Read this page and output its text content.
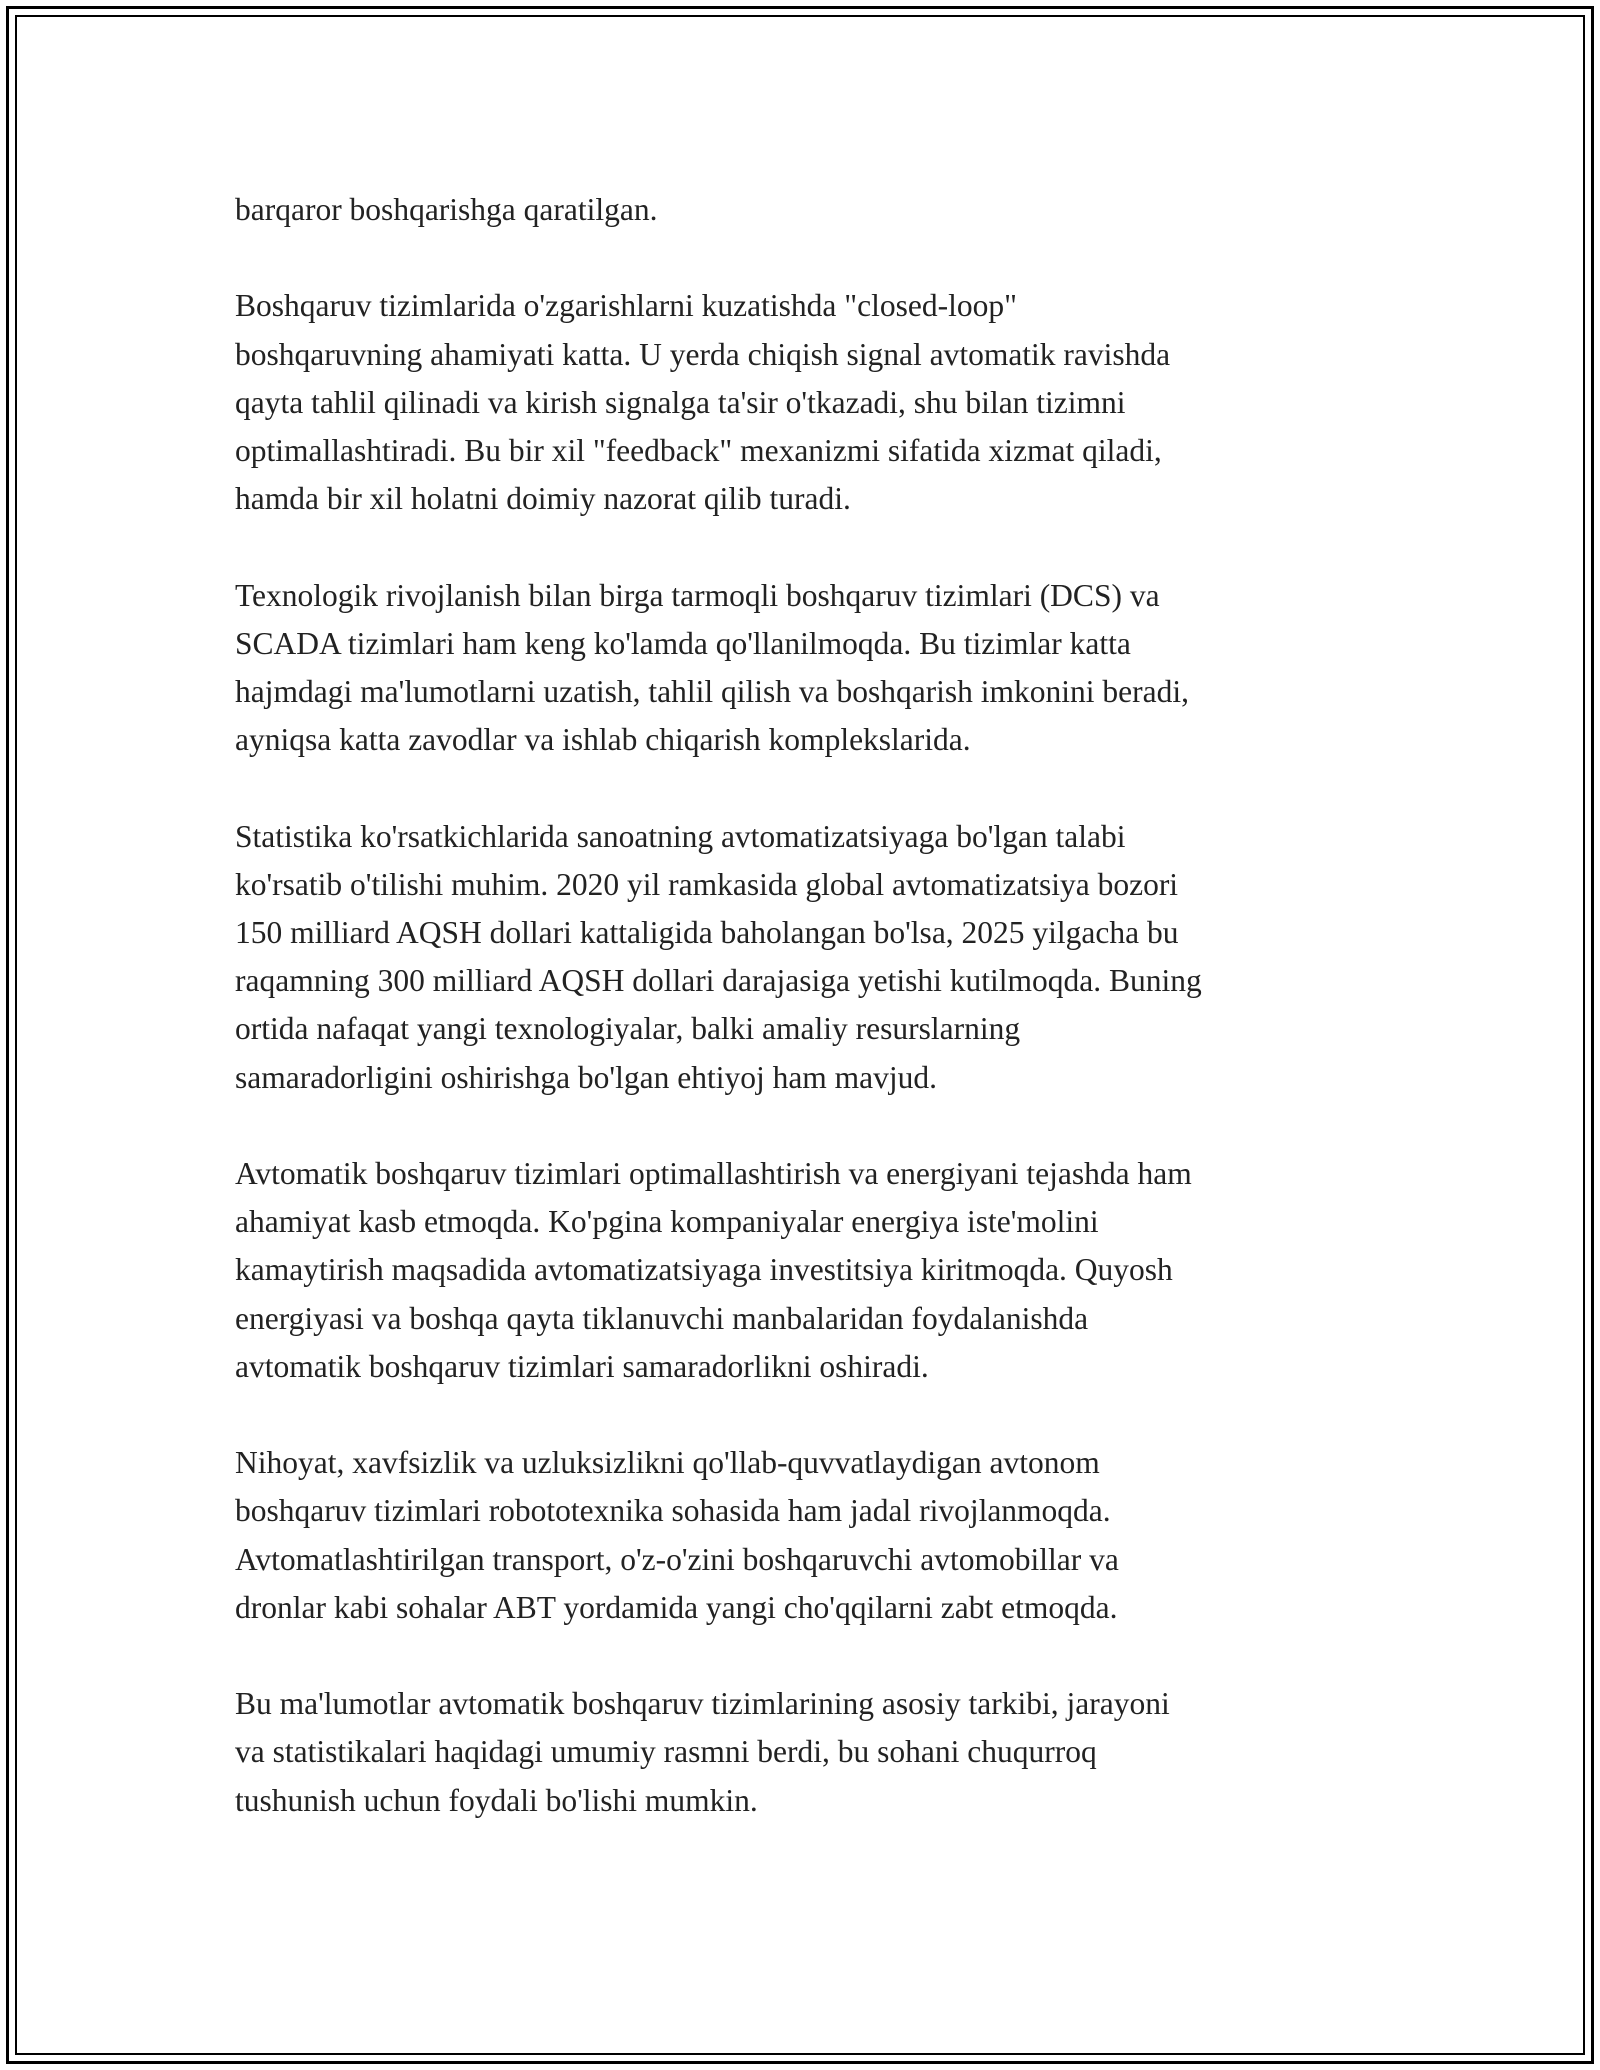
barqaror boshqarishga qaratilgan.

Boshqaruv tizimlarida o'zgarishlarni kuzatishda "closed-loop"
boshqaruvning ahamiyati katta. U yerda chiqish signal avtomatik ravishda
qayta tahlil qilinadi va kirish signalga ta'sir o'tkazadi, shu bilan tizimni
optimallashtiradi. Bu bir xil "feedback" mexanizmi sifatida xizmat qiladi,
hamda bir xil holatni doimiy nazorat qilib turadi.

Texnologik rivojlanish bilan birga tarmoqli boshqaruv tizimlari (DCS) va
SCADA tizimlari ham keng ko'lamda qo'llanilmoqda. Bu tizimlar katta
hajmdagi ma'lumotlarni uzatish, tahlil qilish va boshqarish imkonini beradi,
ayniqsa katta zavodlar va ishlab chiqarish komplekslarida.

Statistika ko'rsatkichlarida sanoatning avtomatizatsiyaga bo'lgan talabi
ko'rsatib o'tilishi muhim. 2020 yil ramkasida global avtomatizatsiya bozori
150 milliard AQSH dollari kattaligida baholangan bo'lsa, 2025 yilgacha bu
raqamning 300 milliard AQSH dollari darajasiga yetishi kutilmoqda. Buning
ortida nafaqat yangi texnologiyalar, balki amaliy resurslarning
samaradorligini oshirishga bo'lgan ehtiyoj ham mavjud.

Avtomatik boshqaruv tizimlari optimallashtirish va energiyani tejashda ham
ahamiyat kasb etmoqda. Ko'pgina kompaniyalar energiya iste'molini
kamaytirish maqsadida avtomatizatsiyaga investitsiya kiritmoqda. Quyosh
energiyasi va boshqa qayta tiklanuvchi manbalaridan foydalanishda
avtomatik boshqaruv tizimlari samaradorlikni oshiradi.

Nihoyat, xavfsizlik va uzluksizlikni qo'llab-quvvatlaydigan avtonom
boshqaruv tizimlari robototexnika sohasida ham jadal rivojlanmoqda.
Avtomatlashtirilgan transport, o'z-o'zini boshqaruvchi avtomobillar va
dronlar kabi sohalar ABT yordamida yangi cho'qqilarni zabt etmoqda.

Bu ma'lumotlar avtomatik boshqaruv tizimlarining asosiy tarkibi, jarayoni
va statistikalari haqidagi umumiy rasmni berdi, bu sohani chuqurroq
tushunish uchun foydali bo'lishi mumkin.
